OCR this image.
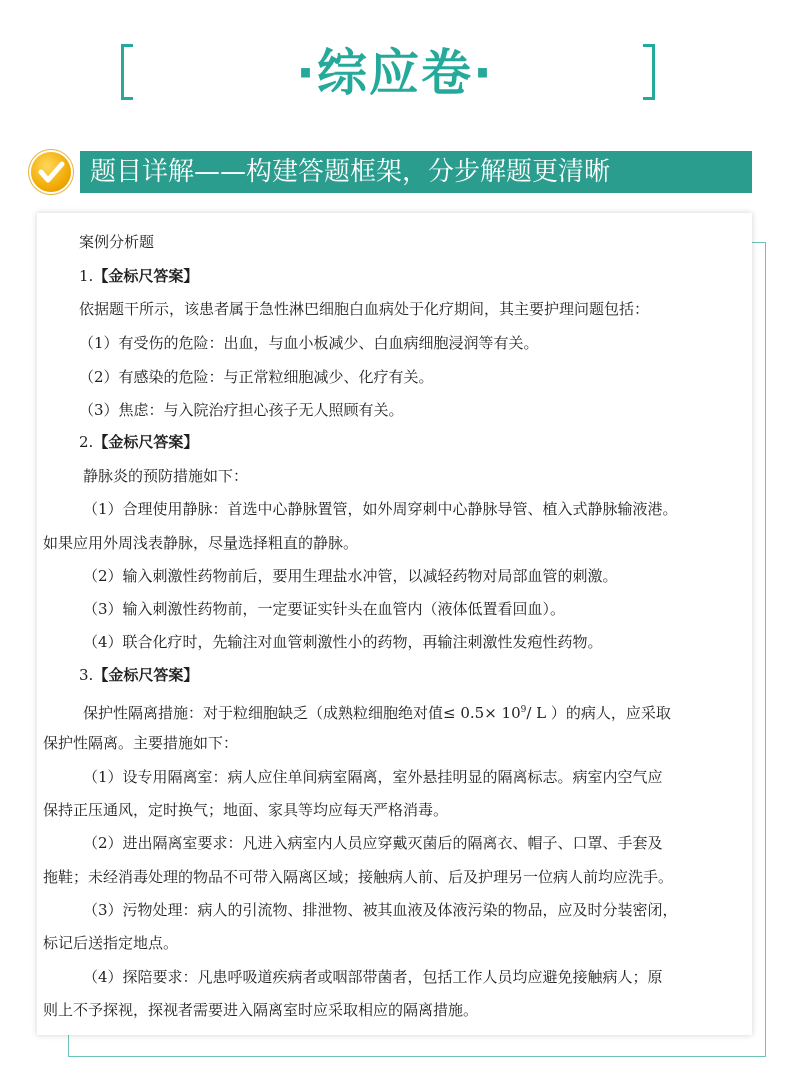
·综应卷·
题目详解——构建答题框架，分步解题更清晰
案例分析题
1.【金标尺答案】
依据题干所示，该患者属于急性淋巴细胞白血病处于化疗期间，其主要护理问题包括：
（1）有受伤的危险：出血，与血小板减少、白血病细胞浸润等有关。
（2）有感染的危险：与正常粒细胞减少、化疗有关。
（3）焦虑：与入院治疗担心孩子无人照顾有关。
2.【金标尺答案】
静脉炎的预防措施如下：
（1）合理使用静脉：首选中心静脉置管，如外周穿刺中心静脉导管、植入式静脉输液港。
如果应用外周浅表静脉，尽量选择粗直的静脉。
（2）输入刺激性药物前后，要用生理盐水冲管，以减轻药物对局部血管的刺激。
（3）输入刺激性药物前，一定要证实针头在血管内（液体低置看回血）。
（4）联合化疗时，先输注对血管刺激性小的药物，再输注刺激性发疱性药物。
3.【金标尺答案】
保护性隔离措施：对于粒细胞缺乏（成熟粒细胞绝对值≤ $0.5\times 10^9/$ L ）的病人，应采取
保护性隔离。主要措施如下：
（1）设专用隔离室：病人应住单间病室隔离，室外悬挂明显的隔离标志。病室内空气应
保持正压通风，定时换气；地面、家具等均应每天严格消毒。
（2）进出隔离室要求：凡进入病室内人员应穿戴灭菌后的隔离衣、帽子、口罩、手套及
拖鞋；未经消毒处理的物品不可带入隔离区域；接触病人前、后及护理另一位病人前均应洗手。
（3）污物处理：病人的引流物、排泄物、被其血液及体液污染的物品，应及时分装密闭，
标记后送指定地点。
（4）探陪要求：凡患呼吸道疾病者或咽部带菌者，包括工作人员均应避免接触病人；原
则上不予探视，探视者需要进入隔离室时应采取相应的隔离措施。
